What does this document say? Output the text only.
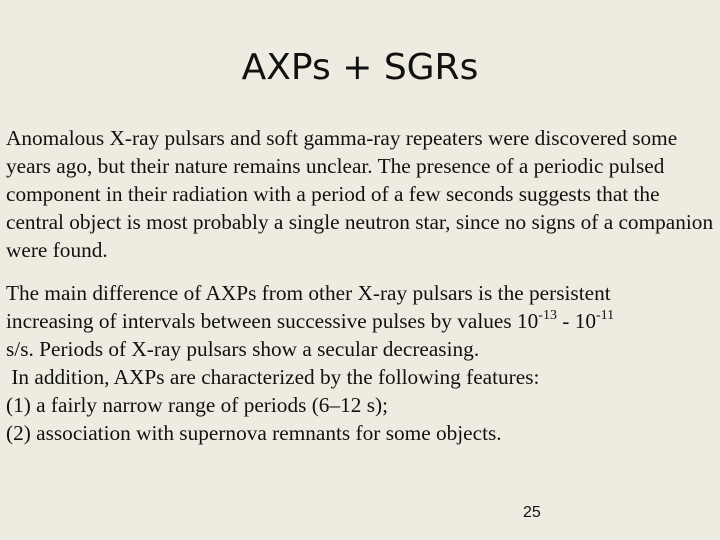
AXPs + SGRs
Anomalous X-ray pulsars and soft gamma-ray repeaters were discovered some years ago, but their nature remains unclear. The presence of a periodic pulsed component in their radiation with a period of a few seconds suggests that the central object is most probably a single neutron star, since no signs of a companion were found.
The main difference of AXPs from other X-ray pulsars is the persistent
increasing of intervals between successive pulses by values $10^{-13} - 10^{-11}$
s/s. Periods of X-ray pulsars show a secular decreasing.
In addition, AXPs are characterized by the following features:
(1) a fairly narrow range of periods (6–12 s);
(2) association with supernova remnants for some objects.
25
